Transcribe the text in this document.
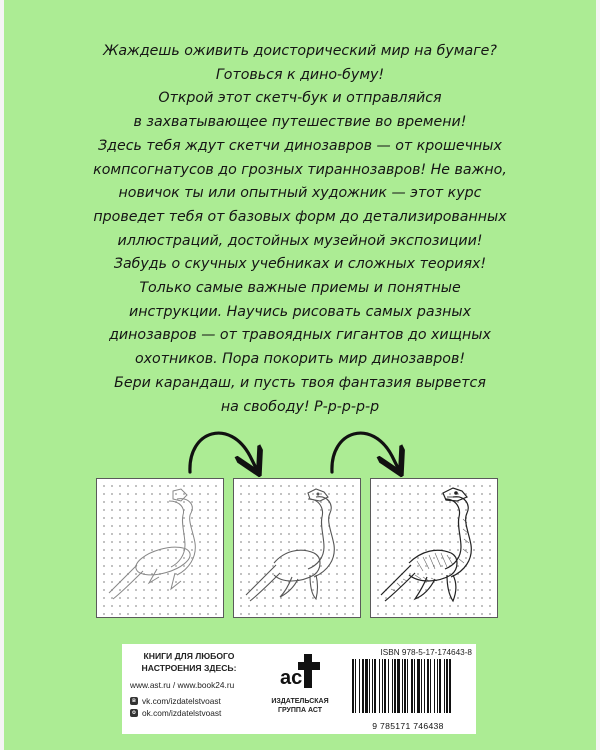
Жаждешь оживить доисторический мир на бумаге?
Готовься к дино-буму!
Открой этот скетч-бук и отправляйся
в захватывающее путешествие во времени!
Здесь тебя ждут скетчи динозавров — от крошечных
компсогнатусов до грозных тираннозавров! Не важно,
новичок ты или опытный художник — этот курс
проведет тебя от базовых форм до детализированных
иллюстраций, достойных музейной экспозиции!
Забудь о скучных учебниках и сложных теориях!
Только самые важные приемы и понятные
инструкции. Научись рисовать самых разных
динозавров — от травоядных гигантов до хищных
охотников. Пора покорить мир динозавров!
Бери карандаш, и пусть твоя фантазия вырвется
на свободу! Р-р-р-р-р
КНИГИ ДЛЯ ЛЮБОГО
НАСТРОЕНИЯ ЗДЕСЬ:
www.ast.ru / www.book24.ru
в vk.com/izdatelstvoast
о ok.com/izdatelstvoast
ac
ИЗДАТЕЛЬСКАЯ
ГРУППА АСТ
ISBN 978-5-17-174643-8
9 785171 746438
